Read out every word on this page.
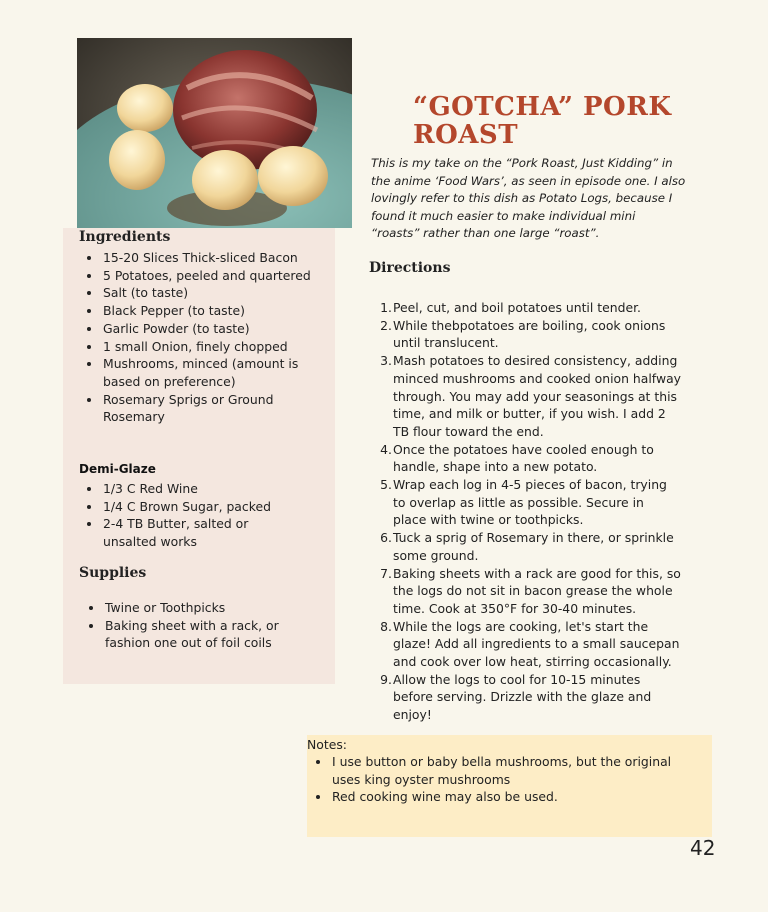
“GOTCHA” PORK ROAST

This is my take on the “Pork Roast, Just Kidding” in the anime ‘Food Wars’, as seen in episode one. I also lovingly refer to this dish as Potato Logs, because I found it much easier to make individual mini “roasts” rather than one large “roast”.

Ingredients
15-20 Slices Thick-sliced Bacon
5 Potatoes, peeled and quartered
Salt (to taste)
Black Pepper (to taste)
Garlic Powder (to taste)
1 small Onion, finely chopped
Mushrooms, minced (amount is based on preference)
Rosemary Sprigs or Ground Rosemary
Demi-Glaze
1/3 C Red Wine
1/4 C Brown Sugar, packed
2-4 TB Butter, salted or unsalted works
Supplies
Twine or Toothpicks
Baking sheet with a rack, or fashion one out of foil coils
Directions
1. Peel, cut, and boil potatoes until tender.
2. While thebpotatoes are boiling, cook onions until translucent.
3. Mash potatoes to desired consistency, adding minced mushrooms and cooked onion halfway through. You may add your seasonings at this time, and milk or butter, if you wish. I add 2 TB flour toward the end.
4. Once the potatoes have cooled enough to handle, shape into a new potato.
5. Wrap each log in 4-5 pieces of bacon, trying to overlap as little as possible. Secure in place with twine or toothpicks.
6. Tuck a sprig of Rosemary in there, or sprinkle some ground.
7. Baking sheets with a rack are good for this, so the logs do not sit in bacon grease the whole time. Cook at 350°F for 30-40 minutes.
8. While the logs are cooking, let's start the glaze! Add all ingredients to a small saucepan and cook over low heat, stirring occasionally.
9. Allow the logs to cool for 10-15 minutes before serving. Drizzle with the glaze and enjoy!

Notes:

I use button or baby bella mushrooms, but the original uses king oyster mushrooms
Red cooking wine may also be used.

42
